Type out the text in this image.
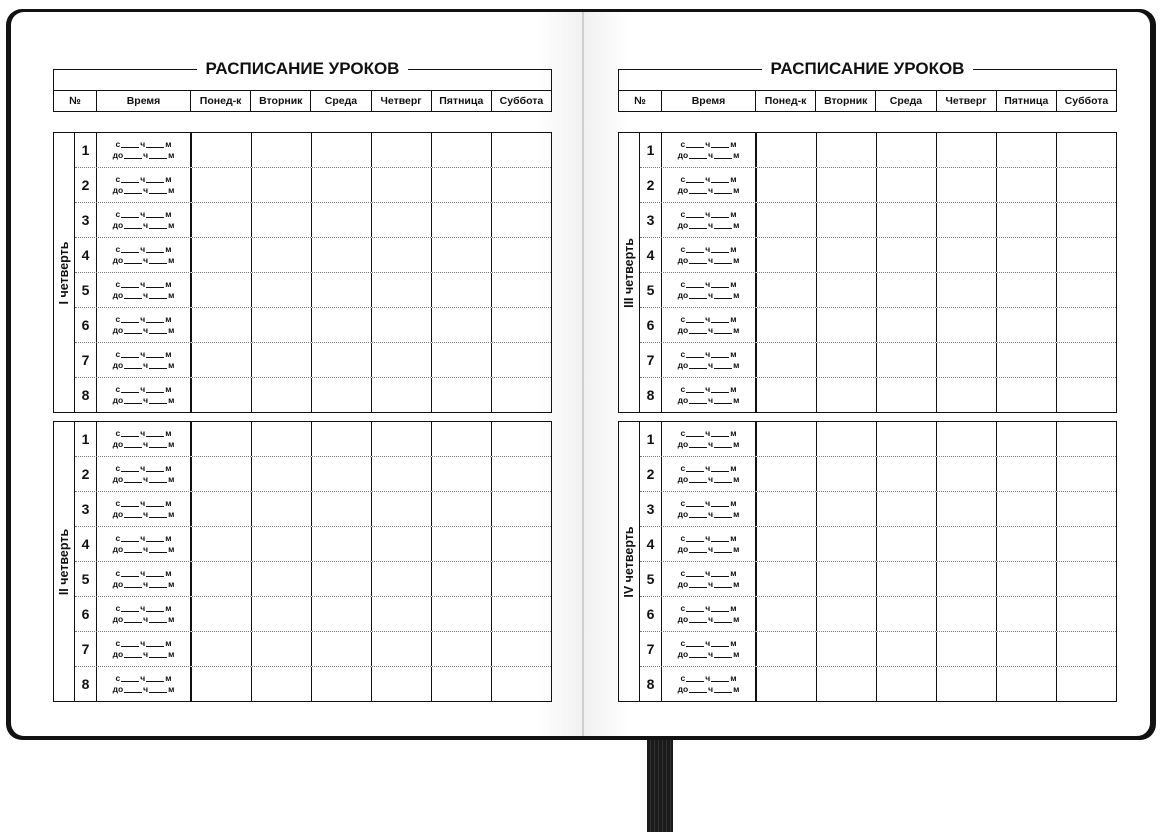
РАСПИСАНИЕ УРОКОВ
№	Время	Понед-к	Вторник	Среда	Четверг	Пятница	Суббота
I четверть
1	с ч м
до ч м
2	с ч м
до ч м
3	с ч м
до ч м
4	с ч м
до ч м
5	с ч м
до ч м
6	с ч м
до ч м
7	с ч м
до ч м
8	с ч м
до ч м
II четверть
1	с ч м
до ч м
2	с ч м
до ч м
3	с ч м
до ч м
4	с ч м
до ч м
5	с ч м
до ч м
6	с ч м
до ч м
7	с ч м
до ч м
8	с ч м
до ч м
РАСПИСАНИЕ УРОКОВ
№	Время	Понед-к	Вторник	Среда	Четверг	Пятница	Суббота
III четверть
1	с ч м
до ч м
2	с ч м
до ч м
3	с ч м
до ч м
4	с ч м
до ч м
5	с ч м
до ч м
6	с ч м
до ч м
7	с ч м
до ч м
8	с ч м
до ч м
IV четверть
1	с ч м
до ч м
2	с ч м
до ч м
3	с ч м
до ч м
4	с ч м
до ч м
5	с ч м
до ч м
6	с ч м
до ч м
7	с ч м
до ч м
8	с ч м
до ч м
